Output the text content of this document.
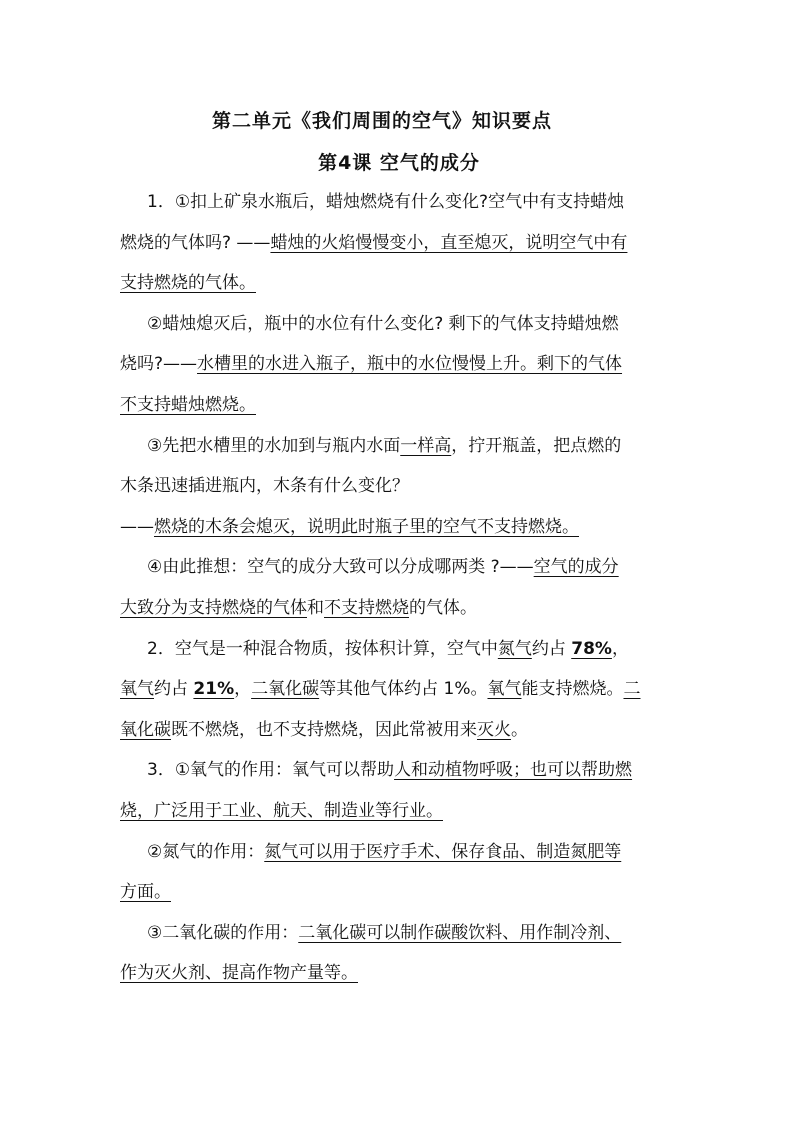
第二单元《我们周围的空气》知识要点
第4课 空气的成分
1．①扣上矿泉水瓶后，蜡烛燃烧有什么变化?空气中有支持蜡烛
燃烧的气体吗? ——蜡烛的火焰慢慢变小，直至熄灭，说明空气中有
支持燃烧的气体。
②蜡烛熄灭后，瓶中的水位有什么变化? 剩下的气体支持蜡烛燃
烧吗?——水槽里的水进入瓶子，瓶中的水位慢慢上升。剩下的气体
不支持蜡烛燃烧。
③先把水槽里的水加到与瓶内水面一样高，拧开瓶盖，把点燃的
木条迅速插进瓶内，木条有什么变化？
——燃烧的木条会熄灭，说明此时瓶子里的空气不支持燃烧。
④由此推想：空气的成分大致可以分成哪两类 ?——空气的成分
大致分为支持燃烧的气体和不支持燃烧的气体。
2．空气是一种混合物质，按体积计算，空气中氮气约占 78%，
氧气约占 21%，二氧化碳等其他气体约占 1%。氧气能支持燃烧。二
氧化碳既不燃烧，也不支持燃烧，因此常被用来灭火。
3．①氧气的作用：氧气可以帮助人和动植物呼吸；也可以帮助燃
烧，广泛用于工业、航天、制造业等行业。
②氮气的作用：氮气可以用于医疗手术、保存食品、制造氮肥等
方面。
③二氧化碳的作用：二氧化碳可以制作碳酸饮料、用作制冷剂、
作为灭火剂、提高作物产量等。
